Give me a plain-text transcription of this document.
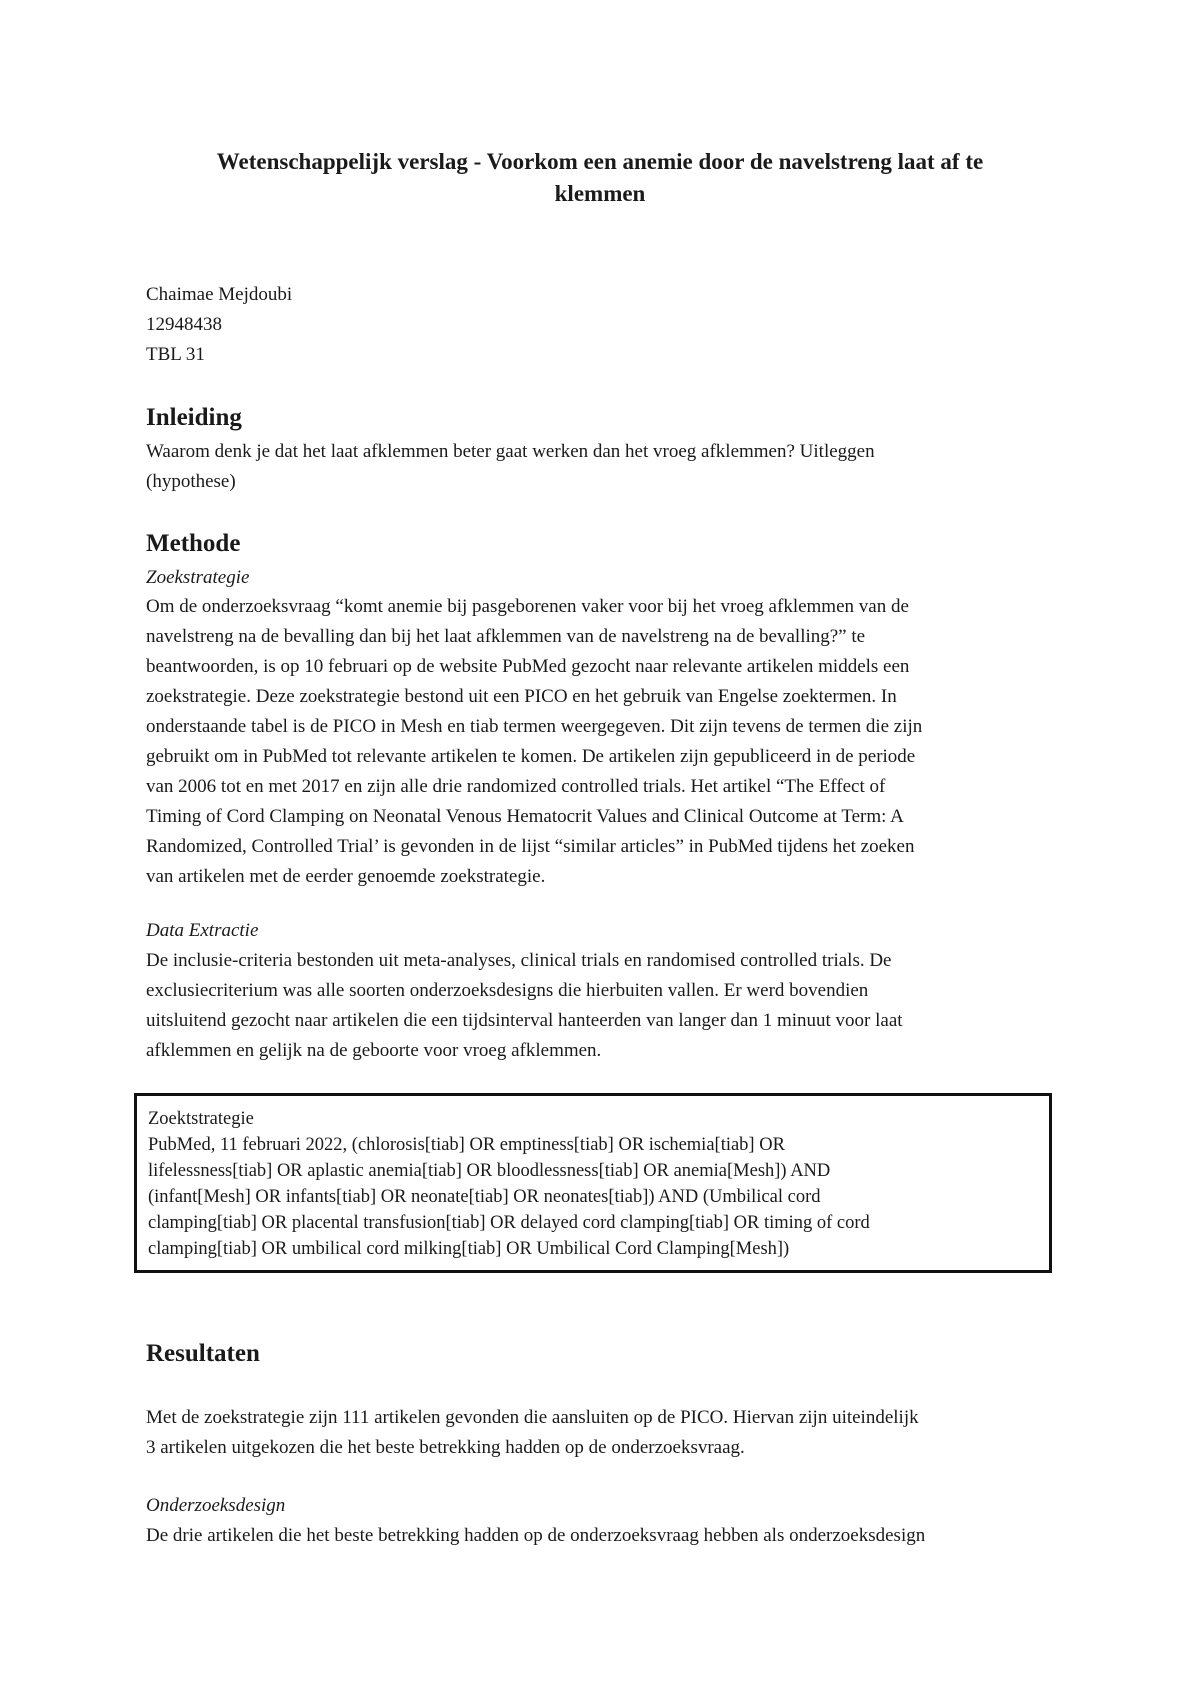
Wetenschappelijk verslag - Voorkom een anemie door de navelstreng laat af te
klemmen
Chaimae Mejdoubi
12948438
TBL 31
Inleiding
Waarom denk je dat het laat afklemmen beter gaat werken dan het vroeg afklemmen? Uitleggen
(hypothese)
Methode
Zoekstrategie
Om de onderzoeksvraag “komt anemie bij pasgeborenen vaker voor bij het vroeg afklemmen van de
navelstreng na de bevalling dan bij het laat afklemmen van de navelstreng na de bevalling?” te
beantwoorden, is op 10 februari op de website PubMed gezocht naar relevante artikelen middels een
zoekstrategie. Deze zoekstrategie bestond uit een PICO en het gebruik van Engelse zoektermen. In
onderstaande tabel is de PICO in Mesh en tiab termen weergegeven. Dit zijn tevens de termen die zijn
gebruikt om in PubMed tot relevante artikelen te komen. De artikelen zijn gepubliceerd in de periode
van 2006 tot en met 2017 en zijn alle drie randomized controlled trials. Het artikel “The Effect of
Timing of Cord Clamping on Neonatal Venous Hematocrit Values and Clinical Outcome at Term: A
Randomized, Controlled Trial’ is gevonden in de lijst “similar articles” in PubMed tijdens het zoeken
van artikelen met de eerder genoemde zoekstrategie.
Data Extractie
De inclusie-criteria bestonden uit meta-analyses, clinical trials en randomised controlled trials. De
exclusiecriterium was alle soorten onderzoeksdesigns die hierbuiten vallen. Er werd bovendien
uitsluitend gezocht naar artikelen die een tijdsinterval hanteerden van langer dan 1 minuut voor laat
afklemmen en gelijk na de geboorte voor vroeg afklemmen.
Zoektstrategie
PubMed, 11 februari 2022, (chlorosis[tiab] OR emptiness[tiab] OR ischemia[tiab] OR
lifelessness[tiab] OR aplastic anemia[tiab] OR bloodlessness[tiab] OR anemia[Mesh]) AND
(infant[Mesh] OR infants[tiab] OR neonate[tiab] OR neonates[tiab]) AND (Umbilical cord
clamping[tiab] OR placental transfusion[tiab] OR delayed cord clamping[tiab] OR timing of cord
clamping[tiab] OR umbilical cord milking[tiab] OR Umbilical Cord Clamping[Mesh])
Resultaten
Met de zoekstrategie zijn 111 artikelen gevonden die aansluiten op de PICO. Hiervan zijn uiteindelijk
3 artikelen uitgekozen die het beste betrekking hadden op de onderzoeksvraag.
Onderzoeksdesign
De drie artikelen die het beste betrekking hadden op de onderzoeksvraag hebben als onderzoeksdesign
